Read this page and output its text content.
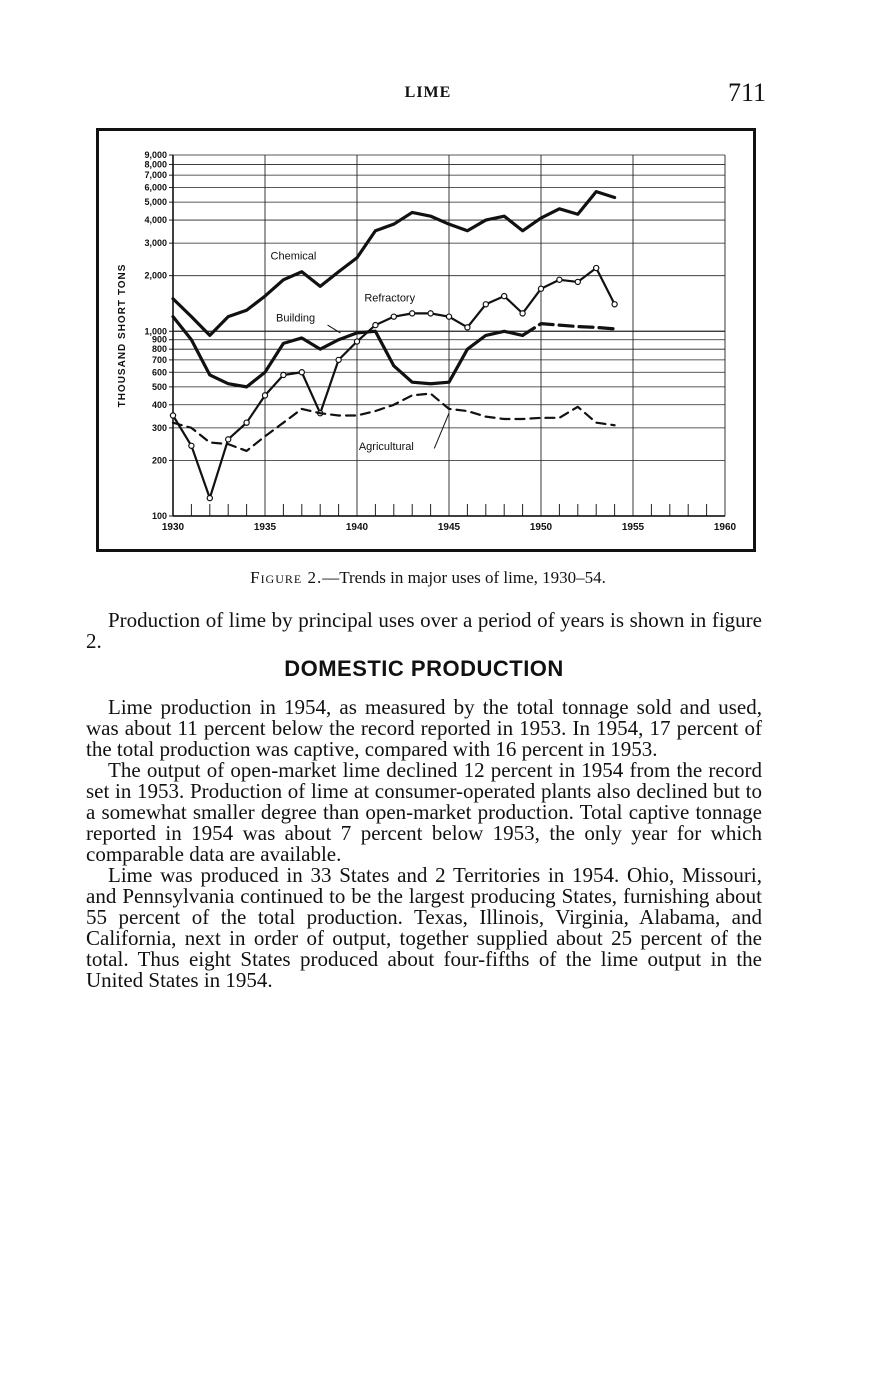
LIME	711
9,000
8,000
7,000
6,000
5,000
4,000
3,000
2,000
1,000
900
800
700
600
500
400
300
200
100
1930	1935	1940	1945	1950	1955	1960
THOUSAND SHORT TONS
Chemical
Building
Refractory
Agricultural
Figure 2.—Trends in major uses of lime, 1930–54.

Production of lime by principal uses over a period of years is shown in figure 2.

DOMESTIC PRODUCTION

Lime production in 1954, as measured by the total tonnage sold and used, was about 11 percent below the record reported in 1953. In 1954, 17 percent of the total production was captive, compared with 16 percent in 1953.

The output of open-market lime declined 12 percent in 1954 from the record set in 1953. Production of lime at consumer-operated plants also declined but to a somewhat smaller degree than open-market production. Total captive tonnage reported in 1954 was about 7 percent below 1953, the only year for which comparable data are available.

Lime was produced in 33 States and 2 Territories in 1954. Ohio, Missouri, and Pennsylvania continued to be the largest producing States, furnishing about 55 percent of the total production. Texas, Illinois, Virginia, Alabama, and California, next in order of output, together supplied about 25 percent of the total. Thus eight States produced about four-fifths of the lime output in the United States in 1954.
